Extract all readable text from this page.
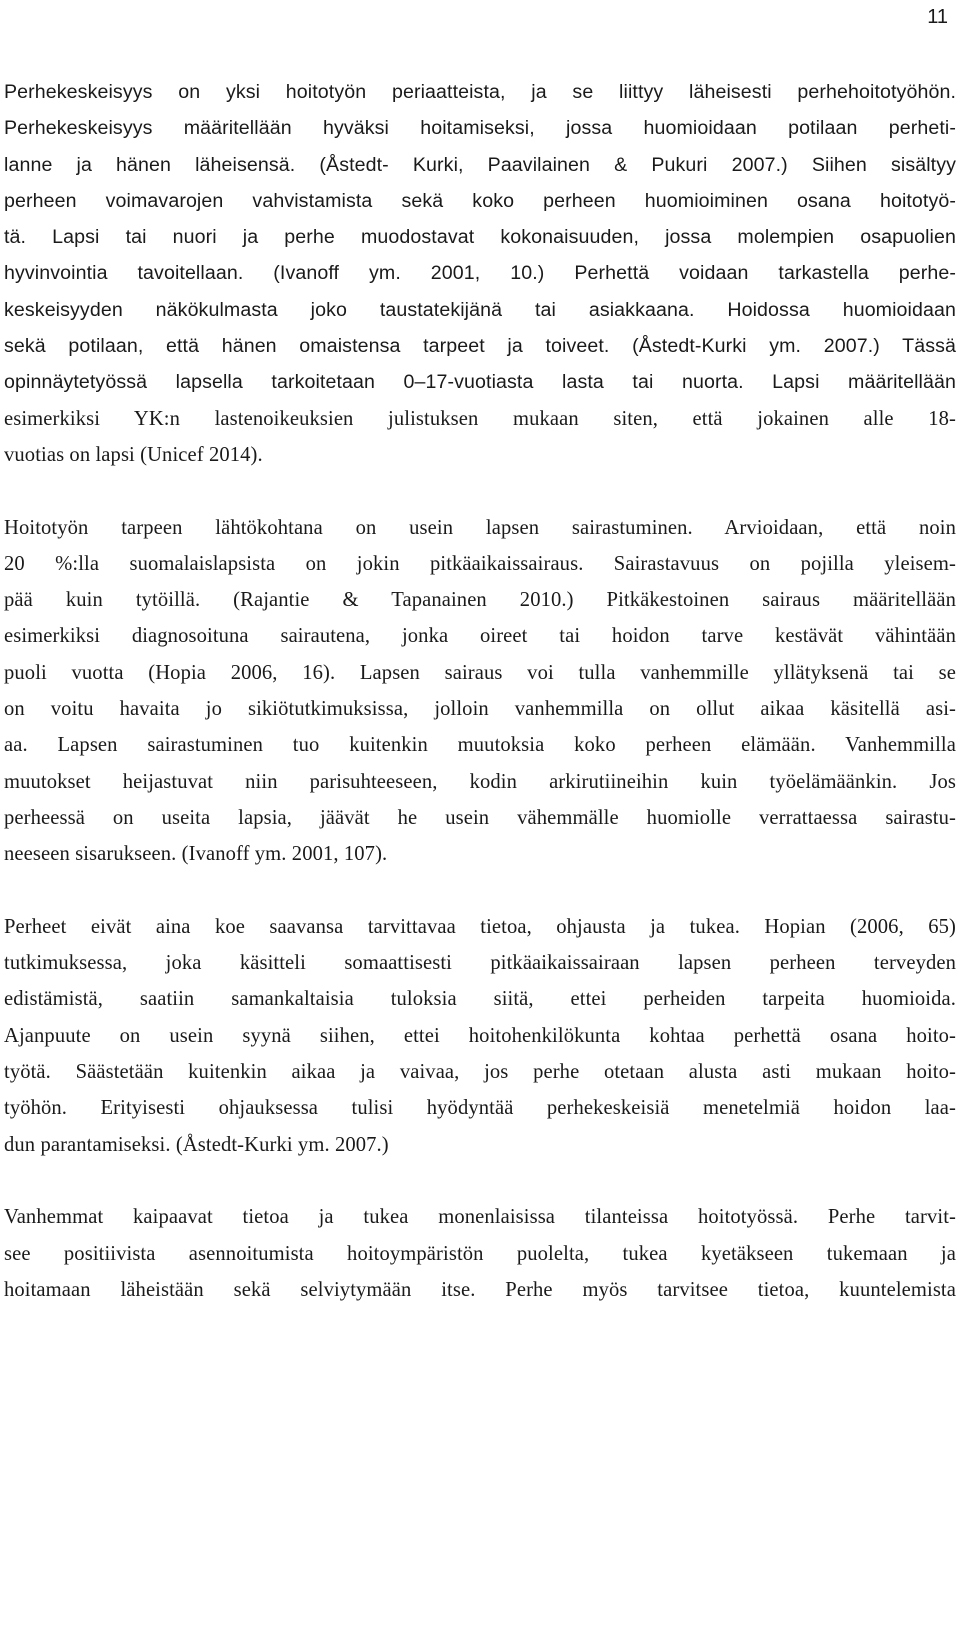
11
Perhekeskeisyys on yksi hoitotyön periaatteista, ja se liittyy läheisesti perhehoitotyöhön.
Perhekeskeisyys määritellään hyväksi hoitamiseksi, jossa huomioidaan potilaan perheti-
lanne ja hänen läheisensä. (Åstedt- Kurki, Paavilainen & Pukuri 2007.) Siihen sisältyy
perheen voimavarojen vahvistamista sekä koko perheen huomioiminen osana hoitotyö-
tä. Lapsi tai nuori ja perhe muodostavat kokonaisuuden, jossa molempien osapuolien
hyvinvointia tavoitellaan. (Ivanoff ym. 2001, 10.) Perhettä voidaan tarkastella perhe-
keskeisyyden näkökulmasta joko taustatekijänä tai asiakkaana. Hoidossa huomioidaan
sekä potilaan, että hänen omaistensa tarpeet ja toiveet. (Åstedt-Kurki ym. 2007.) Tässä
opinnäytetyössä lapsella tarkoitetaan 0–17-vuotiasta lasta tai nuorta. Lapsi määritellään
esimerkiksi YK:n lastenoikeuksien julistuksen mukaan siten, että jokainen alle 18-
vuotias on lapsi (Unicef 2014).
Hoitotyön tarpeen lähtökohtana on usein lapsen sairastuminen. Arvioidaan, että noin
20 %:lla suomalaislapsista on jokin pitkäaikaissairaus. Sairastavuus on pojilla yleisem-
pää kuin tytöillä. (Rajantie & Tapanainen 2010.) Pitkäkestoinen sairaus määritellään
esimerkiksi diagnosoituna sairautena, jonka oireet tai hoidon tarve kestävät vähintään
puoli vuotta (Hopia 2006, 16). Lapsen sairaus voi tulla vanhemmille yllätyksenä tai se
on voitu havaita jo sikiötutkimuksissa, jolloin vanhemmilla on ollut aikaa käsitellä asi-
aa. Lapsen sairastuminen tuo kuitenkin muutoksia koko perheen elämään. Vanhemmilla
muutokset heijastuvat niin parisuhteeseen, kodin arkirutiineihin kuin työelämäänkin. Jos
perheessä on useita lapsia, jäävät he usein vähemmälle huomiolle verrattaessa sairastu-
neeseen sisarukseen. (Ivanoff ym. 2001, 107).
Perheet eivät aina koe saavansa tarvittavaa tietoa, ohjausta ja tukea. Hopian (2006, 65)
tutkimuksessa, joka käsitteli somaattisesti pitkäaikaissairaan lapsen perheen terveyden
edistämistä, saatiin samankaltaisia tuloksia siitä, ettei perheiden tarpeita huomioida.
Ajanpuute on usein syynä siihen, ettei hoitohenkilökunta kohtaa perhettä osana hoito-
työtä. Säästetään kuitenkin aikaa ja vaivaa, jos perhe otetaan alusta asti mukaan hoito-
työhön. Erityisesti ohjauksessa tulisi hyödyntää perhekeskeisiä menetelmiä hoidon laa-
dun parantamiseksi. (Åstedt-Kurki ym. 2007.)
Vanhemmat kaipaavat tietoa ja tukea monenlaisissa tilanteissa hoitotyössä. Perhe tarvit-
see positiivista asennoitumista hoitoympäristön puolelta, tukea kyetäkseen tukemaan ja
hoitamaan läheistään sekä selviytymään itse. Perhe myös tarvitsee tietoa, kuuntelemista
